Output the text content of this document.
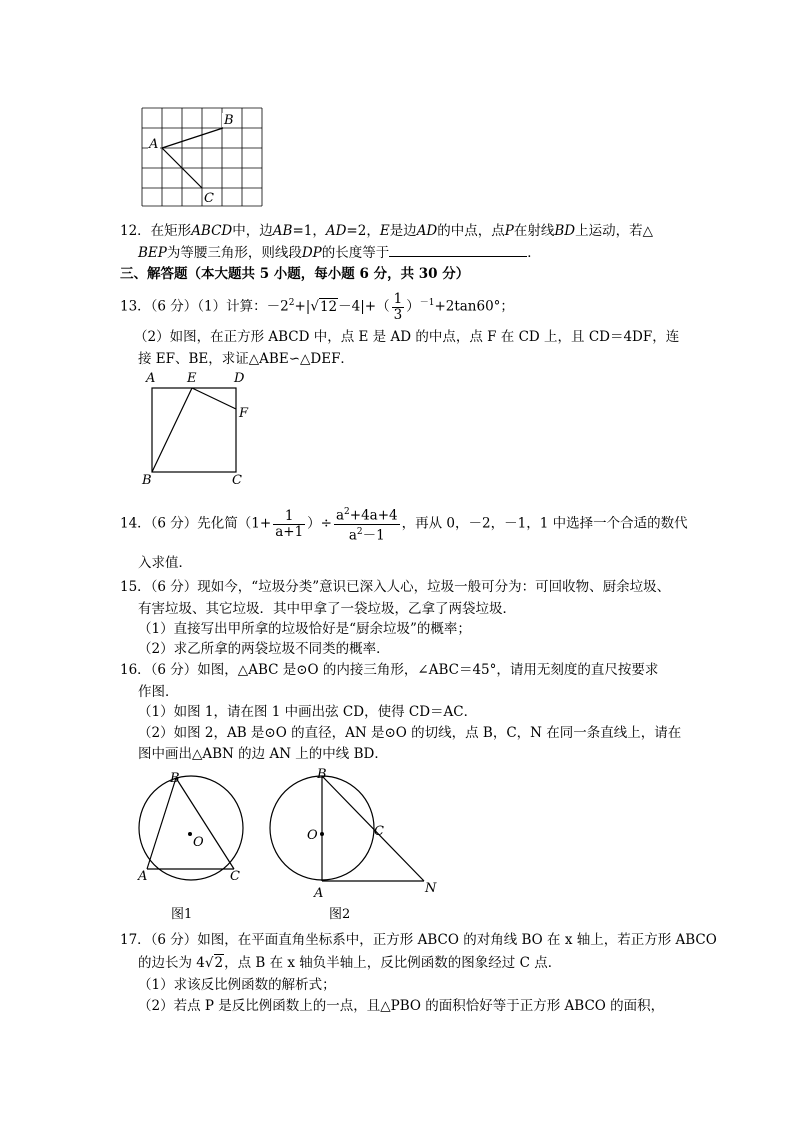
B
A
C
12．在矩形ABCD中，边AB=1，AD=2，E是边AD的中点，点P在射线BD上运动，若△
BEP为等腰三角形，则线段DP的长度等于	．
三、解答题（本大题共 5 小题，每小题 6 分，共 30 分）
13．（6 分）（1）计算：$-2^2+|√12-4|+( \frac{1}{3} )^{-1}+2\tan 60^\circ$；
（2）如图，在正方形 ABCD 中，点 E 是 AD 的中点，点 F 在 CD 上，且 CD＝4DF，连
接 EF、BE，求证△ABE∽△DEF．
A E	D
F
B	C
14．（6 分）先化简（$1+ \frac{1}{a+1}$ ）÷ $\frac{a^2+4a+4}{a^2-1}$ ，再从 0，－2，－1，1 中选择一个合适的数代
入求值．
15．（6 分）现如今，“垃圾分类”意识已深入人心，垃圾一般可分为：可回收物、厨余垃圾、
有害垃圾、其它垃圾．其中甲拿了一袋垃圾，乙拿了两袋垃圾．
（1）直接写出甲所拿的垃圾恰好是“厨余垃圾”的概率；
（2）求乙所拿的两袋垃圾不同类的概率．
16．（6 分）如图，△ABC 是⊙O 的内接三角形，∠ABC＝45°，请用无刻度的直尺按要求
作图．
（1）如图 1，请在图 1 中画出弦 CD，使得 CD＝AC．
（2）如图 2，AB 是⊙O 的直径，AN 是⊙O 的切线，点 B，C，N 在同一条直线上，请在
图中画出△ABN 的边 AN 上的中线 BD．
B
O
A	C
图1
B
O	C
A	N
图2
17．（6 分）如图，在平面直角坐标系中，正方形 ABCO 的对角线 BO 在 x 轴上，若正方形 ABCO
的边长为 4√2，点 B 在 x 轴负半轴上，反比例函数的图象经过 C 点．
（1）求该反比例函数的解析式；
（2）若点 P 是反比例函数上的一点，且△PBO 的面积恰好等于正方形 ABCO 的面积，
